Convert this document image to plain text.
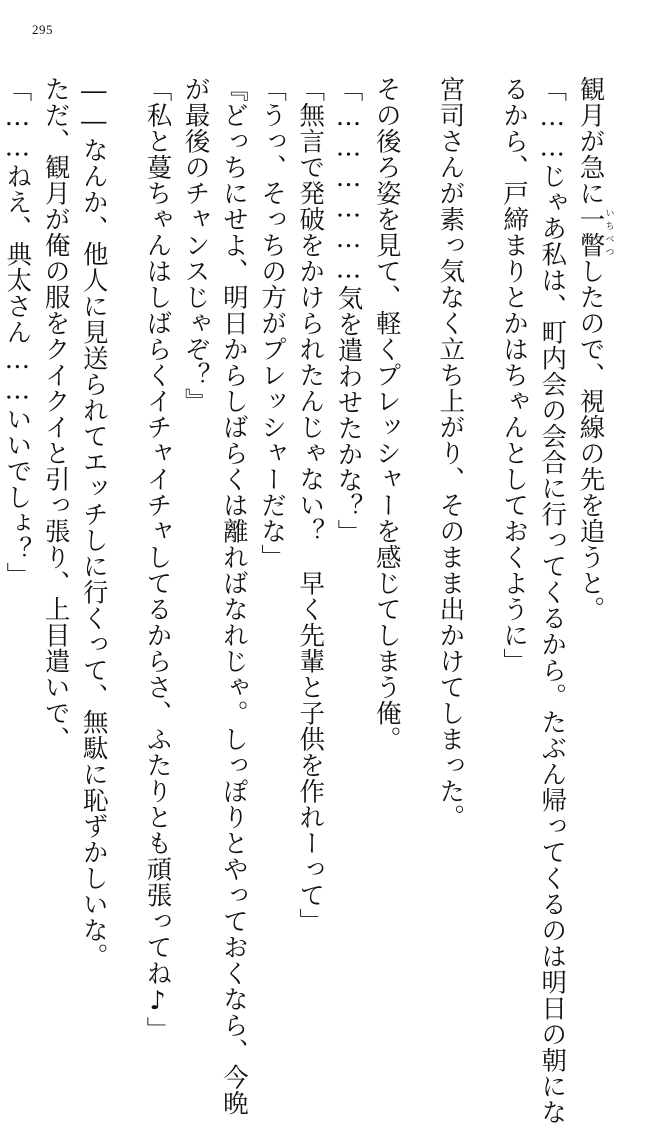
295

観月が急に一瞥いちべつしたので、視線の先を追うと。

「……じゃあ私は、町内会の会合に行ってくるから。たぶん帰ってくるのは明日の朝にな

るから、戸締まりとかはちゃんとしておくように」

宮司さんが素っ気なく立ち上がり、そのまま出かけてしまった。

その後ろ姿を見て、軽くプレッシャーを感じてしまう俺。

「………………気を遣わせたかな？」

「無言で発破をかけられたんじゃない？　早く先輩と子供を作れーって」

「うっ、そっちの方がプレッシャーだな」

『どっちにせよ、明日からしばらくは離ればなれじゃ。しっぽりとやっておくなら、今晩

が最後のチャンスじゃぞ？』

「私と蔓ちゃんはしばらくイチャイチャしてるからさ、ふたりとも頑張ってね♪」

――なんか、他人に見送られてエッチしに行くって、無駄に恥ずかしいな。

ただ、観月が俺の服をクイクイと引っ張り、上目遣いで、

「……ねえ、典太さん……いいでしょ？」
